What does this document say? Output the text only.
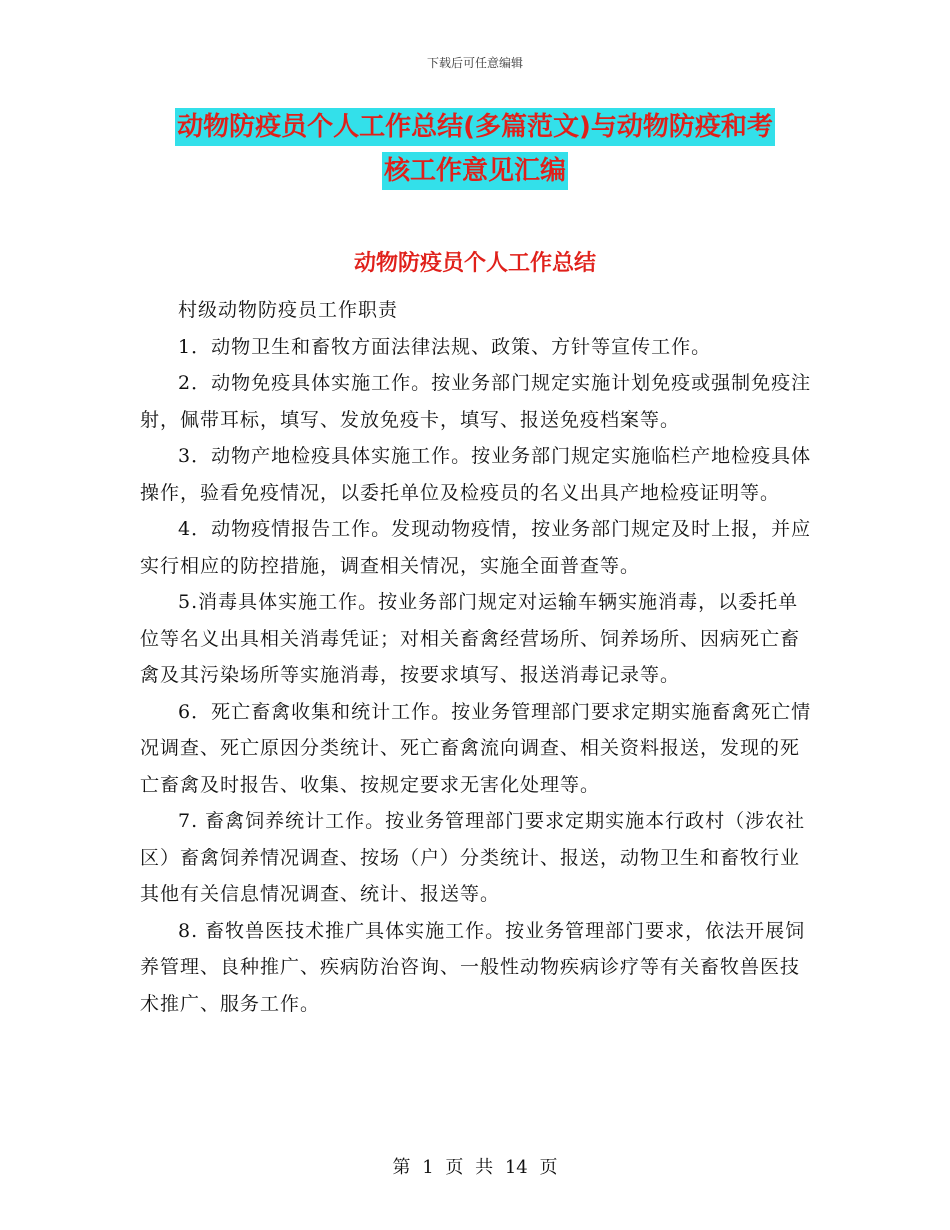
下载后可任意编辑
动物防疫员个人工作总结(多篇范文)与动物防疫和考
核工作意见汇编
动物防疫员个人工作总结

村级动物防疫员工作职责

1．动物卫生和畜牧方面法律法规、政策、方针等宣传工作。

2．动物免疫具体实施工作。按业务部门规定实施计划免疫或强制免疫注射，佩带耳标，填写、发放免疫卡，填写、报送免疫档案等。

3．动物产地检疫具体实施工作。按业务部门规定实施临栏产地检疫具体操作，验看免疫情况，以委托单位及检疫员的名义出具产地检疫证明等。

4．动物疫情报告工作。发现动物疫情，按业务部门规定及时上报，并应实行相应的防控措施，调查相关情况，实施全面普查等。

5.消毒具体实施工作。按业务部门规定对运输车辆实施消毒，以委托单位等名义出具相关消毒凭证；对相关畜禽经营场所、饲养场所、因病死亡畜禽及其污染场所等实施消毒，按要求填写、报送消毒记录等。

6．死亡畜禽收集和统计工作。按业务管理部门要求定期实施畜禽死亡情况调查、死亡原因分类统计、死亡畜禽流向调查、相关资料报送，发现的死亡畜禽及时报告、收集、按规定要求无害化处理等。

7. 畜禽饲养统计工作。按业务管理部门要求定期实施本行政村（涉农社区）畜禽饲养情况调查、按场（户）分类统计、报送，动物卫生和畜牧行业其他有关信息情况调查、统计、报送等。

8. 畜牧兽医技术推广具体实施工作。按业务管理部门要求，依法开展饲养管理、良种推广、疾病防治咨询、一般性动物疾病诊疗等有关畜牧兽医技术推广、服务工作。

第 1 页 共 14 页
